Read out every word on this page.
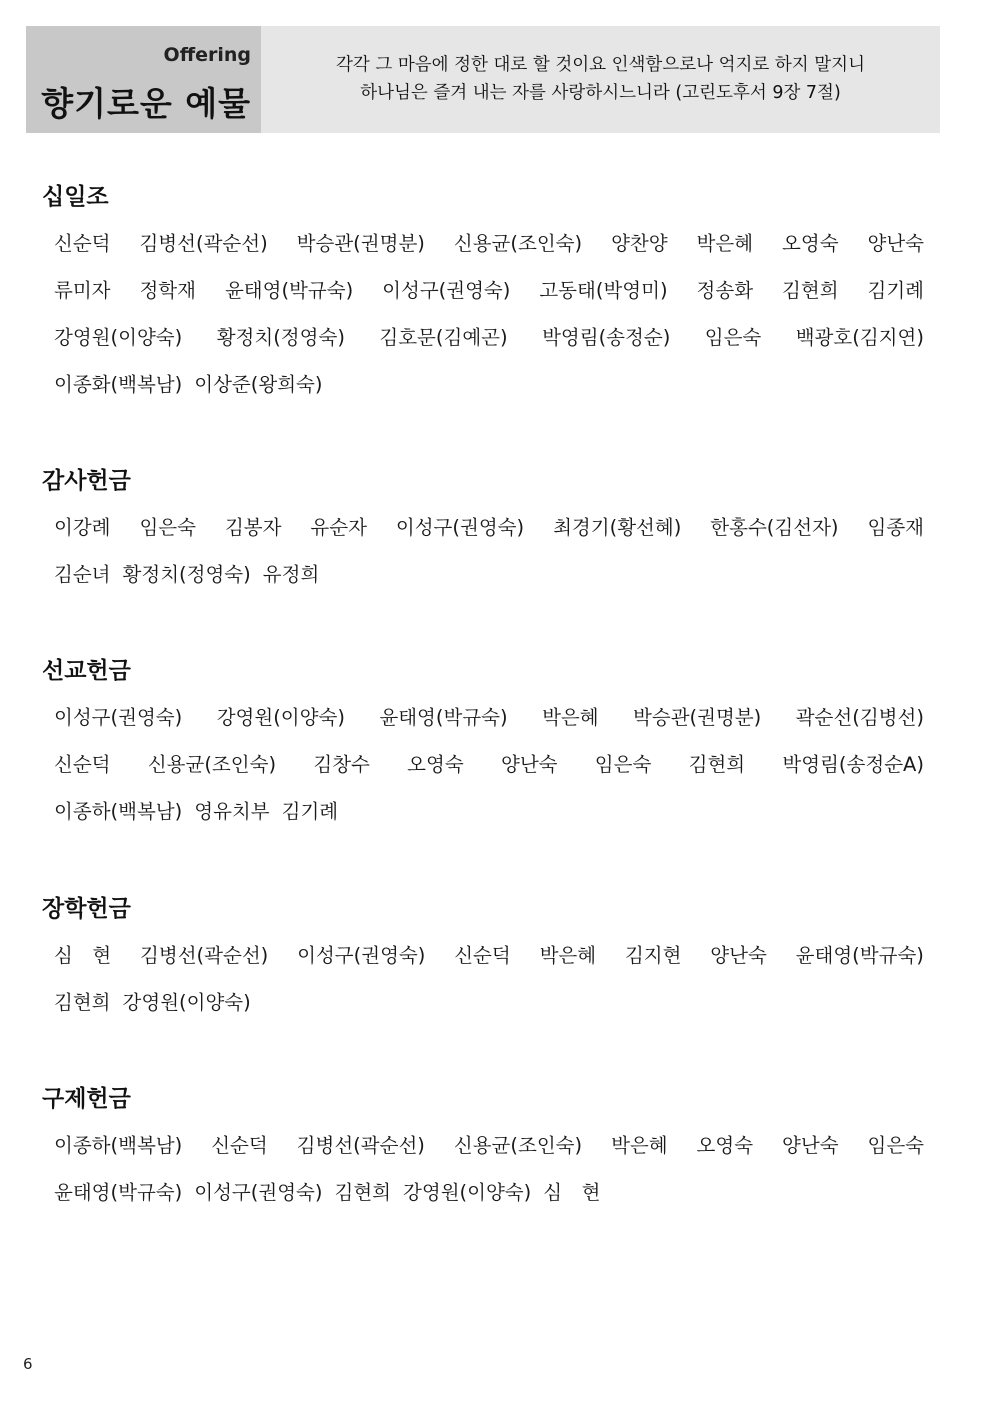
Offering
향기로운 예물
각각 그 마음에 정한 대로 할 것이요 인색함으로나 억지로 하지 말지니
하나님은 즐겨 내는 자를 사랑하시느니라 (고린도후서 9장 7절)
십일조
신순덕 김병선(곽순선) 박승관(권명분) 신용균(조인숙) 양찬양 박은혜 오영숙 양난숙
류미자 정학재 윤태영(박규숙) 이성구(권영숙) 고동태(박영미) 정송화 김현희 김기례
강영원(이양숙) 황정치(정영숙) 김호문(김예곤) 박영림(송정순) 임은숙 백광호(김지연)
이종화(백복남) 이상준(왕희숙)
감사헌금
이강례 임은숙 김봉자 유순자 이성구(권영숙) 최경기(황선혜) 한홍수(김선자) 임종재
김순녀 황정치(정영숙) 유정희
선교헌금
이성구(권영숙) 강영원(이양숙) 윤태영(박규숙) 박은혜 박승관(권명분) 곽순선(김병선)
신순덕 신용균(조인숙) 김창수 오영숙 양난숙 임은숙 김현희 박영림(송정순A)
이종하(백복남) 영유치부 김기례
장학헌금
심　현 김병선(곽순선) 이성구(권영숙) 신순덕 박은혜 김지현 양난숙 윤태영(박규숙)
김현희 강영원(이양숙)
구제헌금
이종하(백복남) 신순덕 김병선(곽순선) 신용균(조인숙) 박은혜 오영숙 양난숙 임은숙
윤태영(박규숙) 이성구(권영숙) 김현희 강영원(이양숙) 심　현
6
